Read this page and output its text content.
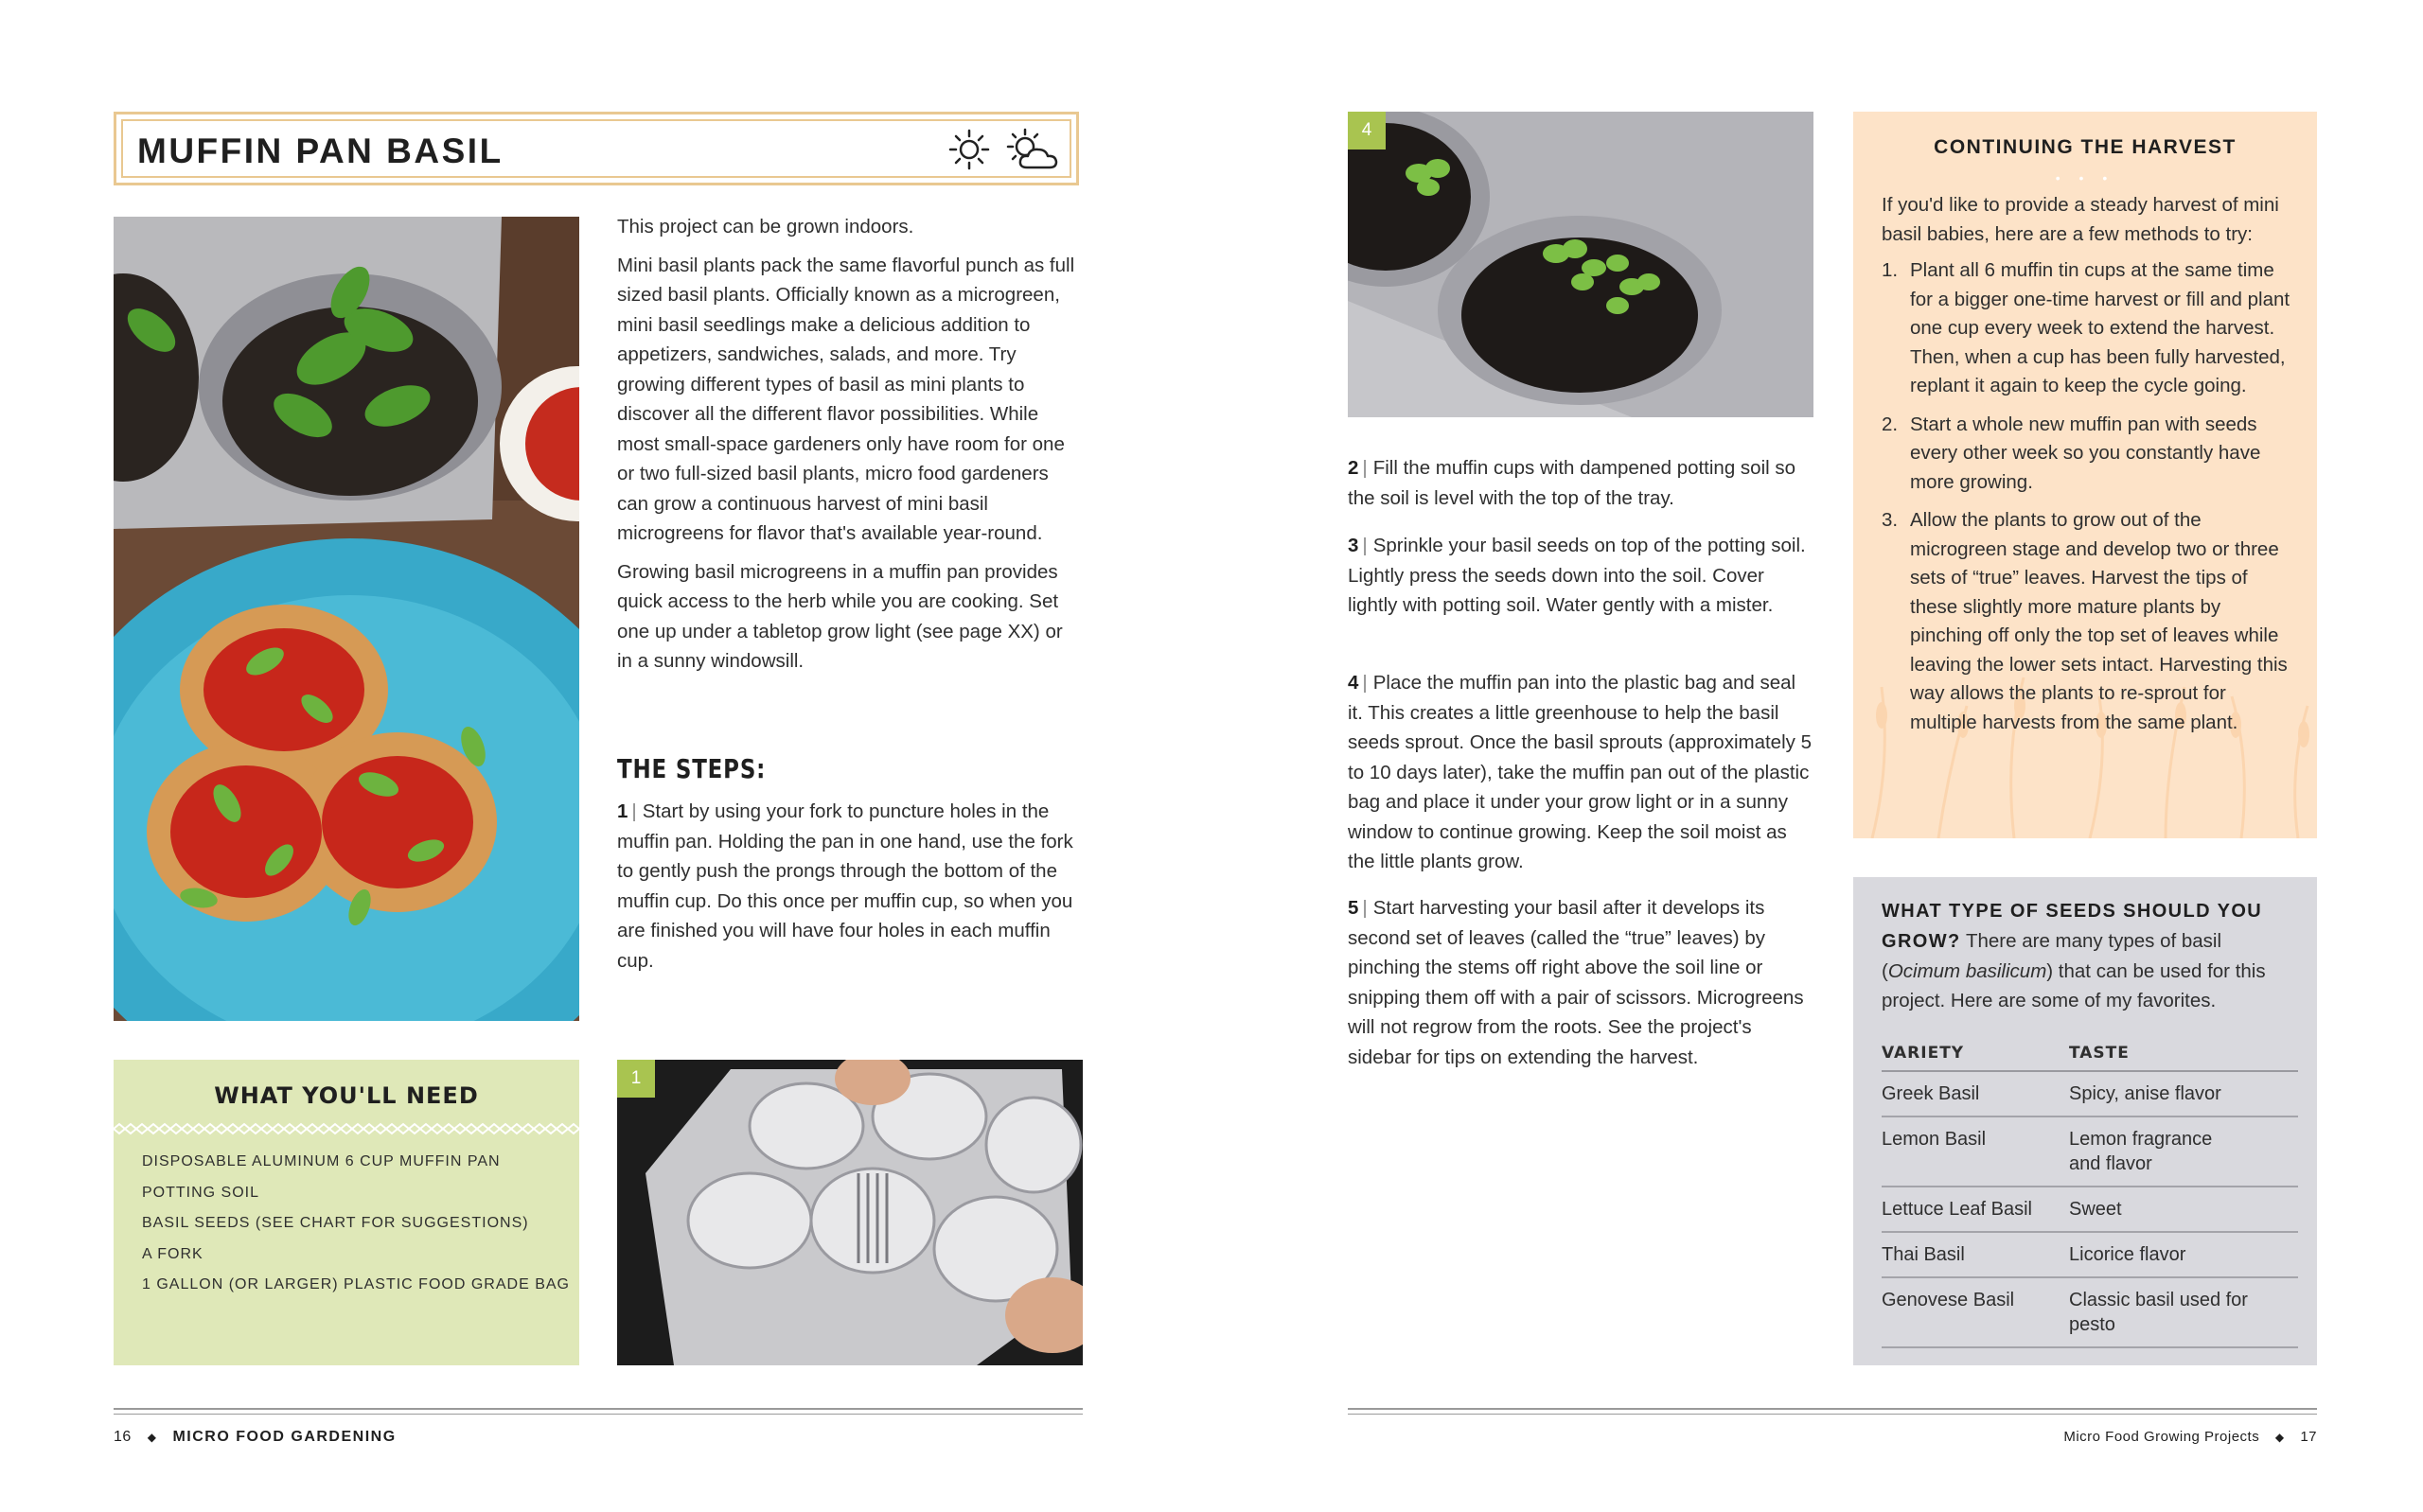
MUFFIN PAN BASIL

This project can be grown indoors.

Mini basil plants pack the same flavorful punch as full sized basil plants. Officially known as a microgreen, mini basil seedlings make a delicious addition to appetizers, sandwiches, salads, and more. Try growing different types of basil as mini plants to discover all the different flavor possibilities. While most small-space gardeners only have room for one or two full-sized basil plants, micro food gardeners can grow a continuous harvest of mini basil microgreens for flavor that's available year-round.

Growing basil microgreens in a muffin pan provides quick access to the herb while you are cooking. Set one up under a tabletop grow light (see page XX) or in a sunny windowsill.

THE STEPS:
1 | Start by using your fork to puncture holes in the muffin pan. Holding the pan in one hand, use the fork to gently push the prongs through the bottom of the muffin cup. Do this once per muffin cup, so when you are finished you will have four holes in each muffin cup.
WHAT YOU'LL NEED
DISPOSABLE ALUMINUM 6 CUP MUFFIN PAN
POTTING SOIL
BASIL SEEDS (SEE CHART FOR SUGGESTIONS)
A FORK
1 GALLON (OR LARGER) PLASTIC FOOD GRADE BAG
1
16 ◆ MICRO FOOD GARDENING
4
2 | Fill the muffin cups with dampened potting soil so the soil is level with the top of the tray.
3 | Sprinkle your basil seeds on top of the potting soil. Lightly press the seeds down into the soil. Cover lightly with potting soil. Water gently with a mister.
4 | Place the muffin pan into the plastic bag and seal it. This creates a little greenhouse to help the basil seeds sprout. Once the basil sprouts (approximately 5 to 10 days later), take the muffin pan out of the plastic bag and place it under your grow light or in a sunny window to continue growing. Keep the soil moist as the little plants grow.
5 | Start harvesting your basil after it develops its second set of leaves (called the “true” leaves) by pinching the stems off right above the soil line or snipping them off with a pair of scissors. Microgreens will not regrow from the roots. See the project's sidebar for tips on extending the harvest.
CONTINUING THE HARVEST
• • •

If you'd like to provide a steady harvest of mini basil babies, here are a few methods to try:

1. Plant all 6 muffin tin cups at the same time for a bigger one-time harvest or fill and plant one cup every week to extend the harvest. Then, when a cup has been fully harvested, replant it again to keep the cycle going.
2. Start a whole new muffin pan with seeds every other week so you constantly have more growing.
3. Allow the plants to grow out of the microgreen stage and develop two or three sets of “true” leaves. Harvest the tips of these slightly more mature plants by pinching off only the top set of leaves while leaving the lower sets intact. Harvesting this way allows the plants to re-sprout for multiple harvests from the same plant.
WHAT TYPE OF SEEDS SHOULD YOU GROW? There are many types of basil (Ocimum basilicum) that can be used for this project. Here are some of my favorites.
VARIETY	TASTE
Greek Basil	Spicy, anise flavor
Lemon Basil	Lemon fragrance and flavor
Lettuce Leaf Basil	Sweet
Thai Basil	Licorice flavor
Genovese Basil	Classic basil used for pesto
Micro Food Growing Projects ◆ 17
